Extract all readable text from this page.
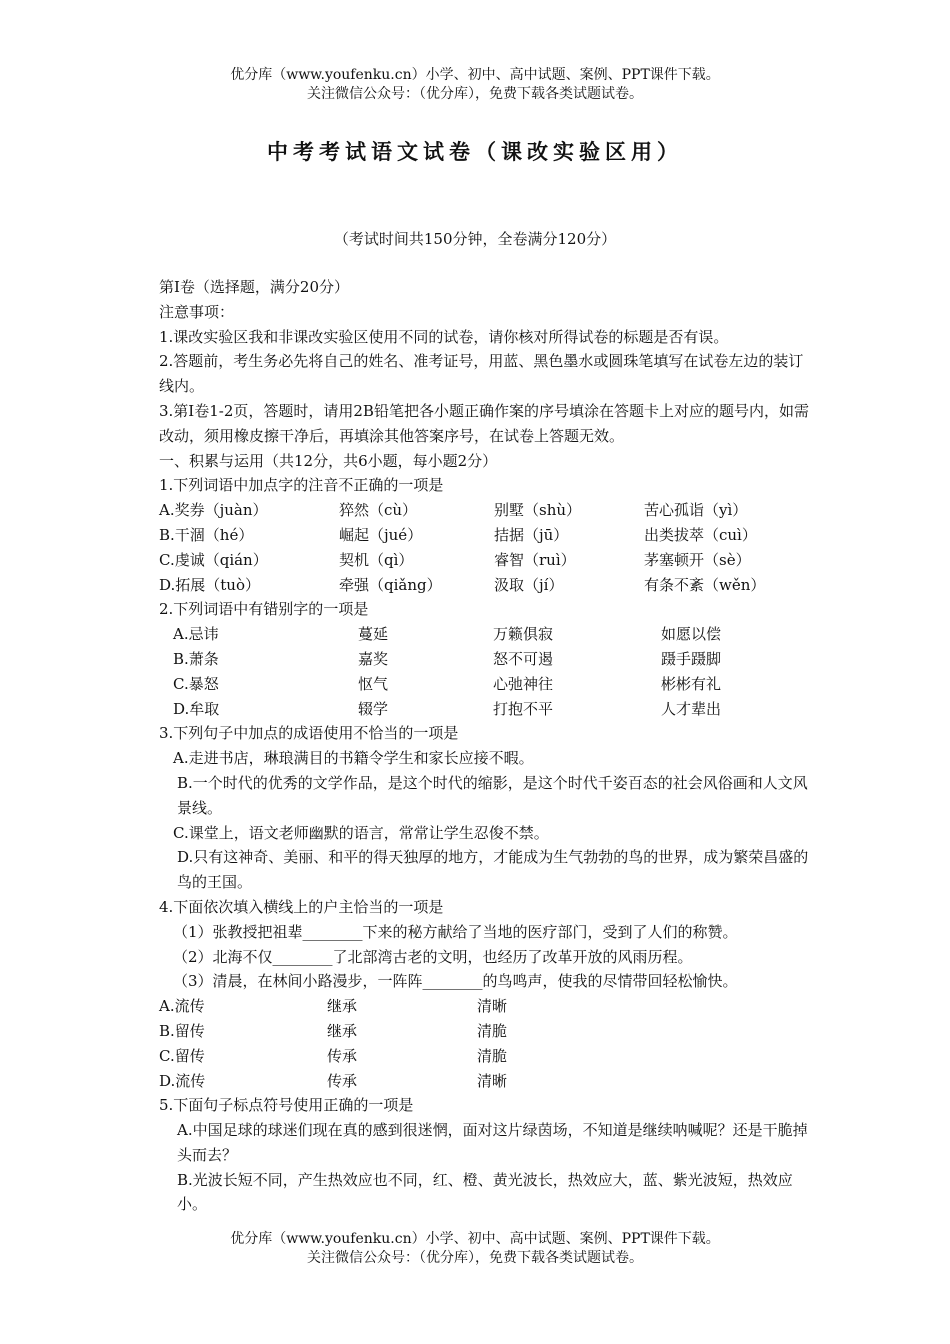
优分库（www.youfenku.cn）小学、初中、高中试题、案例、PPT课件下载。
关注微信公众号：（优分库），免费下载各类试题试卷。
中考考试语文试卷（课改实验区用）
（考试时间共150分钟，全卷满分120分）

第I卷（选择题，满分20分）

注意事项：

1.课改实验区我和非课改实验区使用不同的试卷，请你核对所得试卷的标题是否有误。

2.答题前，考生务必先将自己的姓名、准考证号，用蓝、黑色墨水或圆珠笔填写在试卷左边的装订线内。

3.第I卷1-2页，答题时，请用2B铅笔把各小题正确作案的序号填涂在答题卡上对应的题号内，如需改动，须用橡皮擦干净后，再填涂其他答案序号，在试卷上答题无效。

一、积累与运用（共12分，共6小题，每小题2分）

1.下列词语中加点字的注音不正确的一项是

A.奖券（juàn）	猝然（cù）	别墅（shù）	苦心孤诣（yì）
B.干涸（hé）	崛起（jué）	拮据（jū）	出类拔萃（cuì）
C.虔诚（qián）	契机（qì）	睿智（ruì）	茅塞顿开（sè）
D.拓展（tuò）	牵强（qiǎng）	汲取（jí）	有条不紊（wěn）

2.下列词语中有错别字的一项是

A.忌讳	蔓延	万籁俱寂	如愿以偿
B.萧条	嘉奖	怒不可遏	蹑手蹑脚
C.暴怒	怄气	心弛神往	彬彬有礼
D.牟取	辍学	打抱不平	人才辈出

3.下列句子中加点的成语使用不恰当的一项是

A.走进书店，琳琅满目的书籍令学生和家长应接不暇。

B.一个时代的优秀的文学作品，是这个时代的缩影，是这个时代千姿百态的社会风俗画和人文风景线。

C.课堂上，语文老师幽默的语言，常常让学生忍俊不禁。

D.只有这神奇、美丽、和平的得天独厚的地方，才能成为生气勃勃的鸟的世界，成为繁荣昌盛的鸟的王国。

4.下面依次填入横线上的户主恰当的一项是

（1）张教授把祖辈________下来的秘方献给了当地的医疗部门，受到了人们的称赞。

（2）北海不仅________了北部湾古老的文明，也经历了改革开放的风雨历程。

（3）清晨，在林间小路漫步，一阵阵________的鸟鸣声，使我的尽情带回轻松愉快。

A.流传	继承	清晰
B.留传	继承	清脆
C.留传	传承	清脆
D.流传	传承	清晰

5.下面句子标点符号使用正确的一项是

A.中国足球的球迷们现在真的感到很迷惘，面对这片绿茵场，不知道是继续呐喊呢？还是干脆掉头而去？

B.光波长短不同，产生热效应也不同，红、橙、黄光波长，热效应大，蓝、紫光波短，热效应小。

优分库（www.youfenku.cn）小学、初中、高中试题、案例、PPT课件下载。
关注微信公众号：（优分库），免费下载各类试题试卷。
